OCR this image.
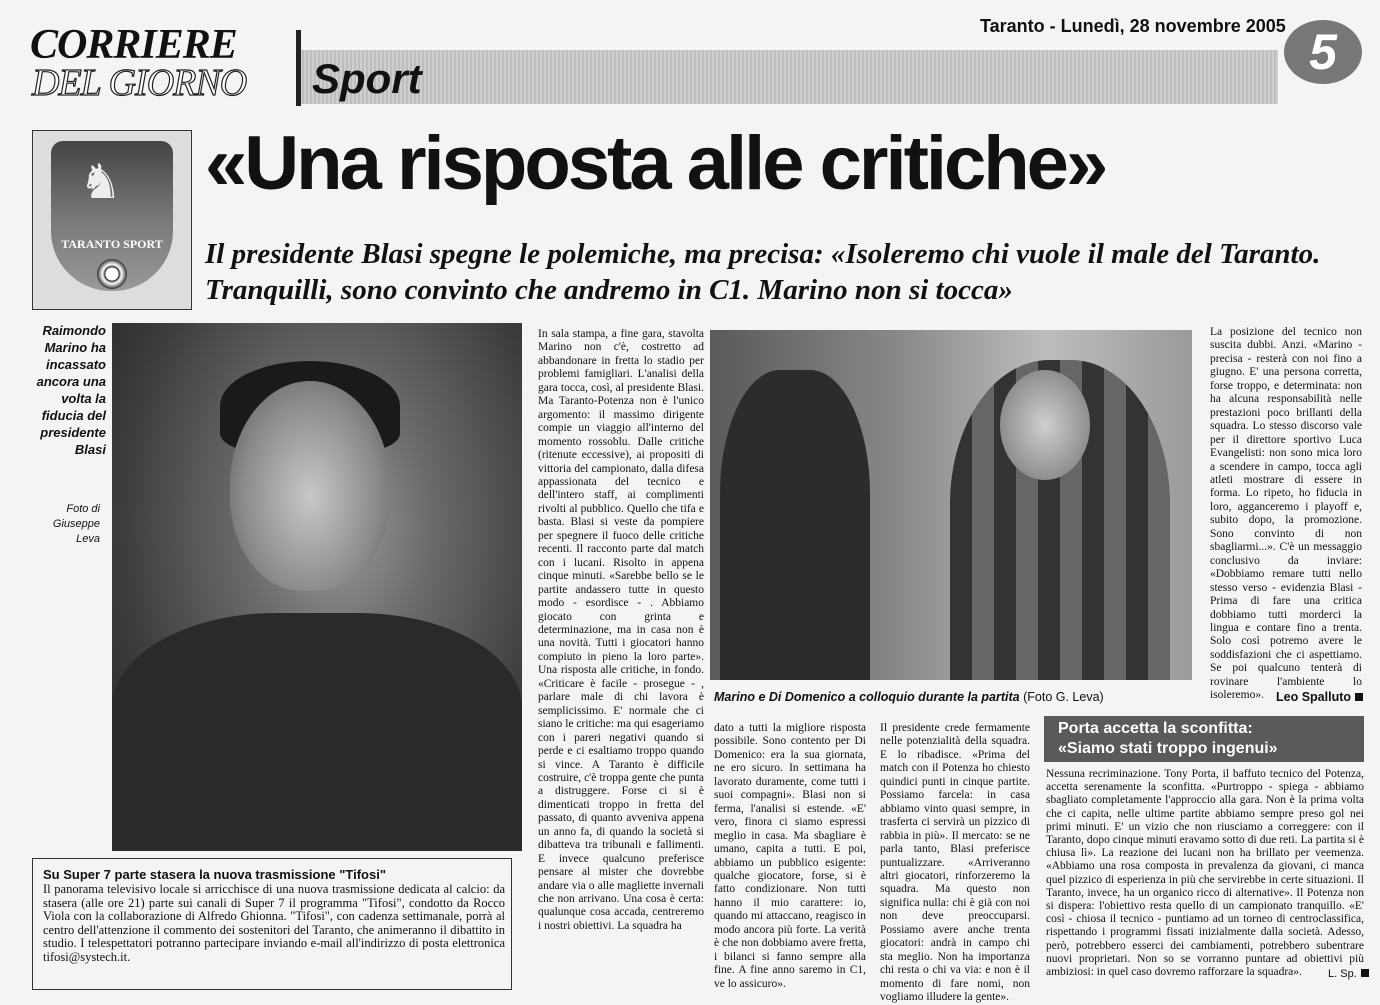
CORRIERE
DEL GIORNO Sport
Taranto - Lunedì, 28 novembre 2005 5
♞
TARANTO SPORT
«Una risposta alle critiche»
Il presidente Blasi spegne le polemiche, ma precisa: «Isoleremo chi vuole il male del Taranto. Tranquilli, sono convinto che andremo in C1. Marino non si tocca»
Raimondo Marino ha incassato ancora una volta la fiducia del presidente Blasi
Foto di Giuseppe Leva
Su Super 7 parte stasera la nuova trasmissione "Tifosi"
Il panorama televisivo locale si arricchisce di una nuova trasmissione dedicata al calcio: da stasera (alle ore 21) parte sui canali di Super 7 il programma "Tifosi", condotto da Rocco Viola con la collaborazione di Alfredo Ghionna. "Tifosi", con cadenza settimanale, porrà al centro dell'attenzione il commento dei sostenitori del Taranto, che animeranno il dibattito in studio. I telespettatori potranno partecipare inviando e-mail all'indirizzo di posta elettronica tifosi@systech.it.
In sala stampa, a fine gara, stavolta Marino non c'è, costretto ad abbandonare in fretta lo stadio per problemi famigliari. L'analisi della gara tocca, così, al presidente Blasi. Ma Taranto-Potenza non è l'unico argomento: il massimo dirigente compie un viaggio all'interno del momento rossoblu. Dalle critiche (ritenute eccessive), ai propositi di vittoria del campionato, dalla difesa appassionata del tecnico e dell'intero staff, ai complimenti rivolti al pubblico. Quello che tifa e basta. Blasi si veste da pompiere per spegnere il fuoco delle critiche recenti. Il racconto parte dal match con i lucani. Risolto in appena cinque minuti. «Sarebbe bello se le partite andassero tutte in questo modo - esordisce - . Abbiamo giocato con grinta e determinazione, ma in casa non è una novità. Tutti i giocatori hanno compiuto in pieno la loro parte». Una risposta alle critiche, in fondo. «Criticare è facile - prosegue - , parlare male di chi lavora è semplicissimo. E' normale che ci siano le critiche: ma qui esageriamo con i pareri negativi quando si perde e ci esaltiamo troppo quando si vince. A Taranto è difficile costruire, c'è troppa gente che punta a distruggere. Forse ci si è dimenticati troppo in fretta del passato, di quanto avveniva appena un anno fa, di quando la società si dibatteva tra tribunali e fallimenti. E invece qualcuno preferisce pensare al mister che dovrebbe andare via o alle magliette invernali che non arrivano. Una cosa è certa: qualunque cosa accada, centreremo i nostri obiettivi. La squadra ha
Marino e Di Domenico a colloquio durante la partita (Foto G. Leva)	Leo Spalluto
dato a tutti la migliore risposta possibile. Sono contento per Di Domenico: era la sua giornata, ne ero sicuro. In settimana ha lavorato duramente, come tutti i suoi compagni». Blasi non si ferma, l'analisi si estende. «E' vero, finora ci siamo espressi meglio in casa. Ma sbagliare è umano, capita a tutti. E poi, abbiamo un pubblico esigente: qualche giocatore, forse, si è fatto condizionare. Non tutti hanno il mio carattere: io, quando mi attaccano, reagisco in modo ancora più forte. La verità è che non dobbiamo avere fretta, i bilanci si fanno sempre alla fine. A fine anno saremo in C1, ve lo assicuro».
Il presidente crede fermamente nelle potenzialità della squadra. E lo ribadisce. «Prima del match con il Potenza ho chiesto quindici punti in cinque partite. Possiamo farcela: in casa abbiamo vinto quasi sempre, in trasferta ci servirà un pizzico di rabbia in più». Il mercato: se ne parla tanto, Blasi preferisce puntualizzare. «Arriveranno altri giocatori, rinforzeremo la squadra. Ma questo non significa nulla: chi è già con noi non deve preoccuparsi. Possiamo avere anche trenta giocatori: andrà in campo chi sta meglio. Non ha importanza chi resta o chi va via: e non è il momento di fare nomi, non vogliamo illudere la gente».
La posizione del tecnico non suscita dubbi. Anzi. «Marino - precisa - resterà con noi fino a giugno. E' una persona corretta, forse troppo, e determinata: non ha alcuna responsabilità nelle prestazioni poco brillanti della squadra. Lo stesso discorso vale per il direttore sportivo Luca Evangelisti: non sono mica loro a scendere in campo, tocca agli atleti mostrare di essere in forma. Lo ripeto, ho fiducia in loro, agganceremo i playoff e, subito dopo, la promozione. Sono convinto di non sbagliarmi...». C'è un messaggio conclusivo da inviare: «Dobbiamo remare tutti nello stesso verso - evidenzia Blasi - Prima di fare una critica dobbiamo tutti morderci la lingua e contare fino a trenta. Solo così potremo avere le soddisfazioni che ci aspettiamo. Se poi qualcuno tenterà di rovinare l'ambiente lo isoleremo».
Porta accetta la sconfitta:
«Siamo stati troppo ingenui»
Nessuna recriminazione. Tony Porta, il baffuto tecnico del Potenza, accetta serenamente la sconfitta. «Purtroppo - spiega - abbiamo sbagliato completamente l'approccio alla gara. Non è la prima volta che ci capita, nelle ultime partite abbiamo sempre preso gol nei primi minuti. E' un vizio che non riusciamo a correggere: con il Taranto, dopo cinque minuti eravamo sotto di due reti. La partita si è chiusa lì». La reazione dei lucani non ha brillato per veemenza. «Abbiamo una rosa composta in prevalenza da giovani, ci manca quel pizzico di esperienza in più che servirebbe in certe situazioni. Il Taranto, invece, ha un organico ricco di alternative». Il Potenza non si dispera: l'obiettivo resta quello di un campionato tranquillo. «E' così - chiosa il tecnico - puntiamo ad un torneo di centroclassifica, rispettando i programmi fissati inizialmente dalla società. Adesso, però, potrebbero esserci dei cambiamenti, potrebbero subentrare nuovi proprietari. Non so se vorranno puntare ad obiettivi più ambiziosi: in quel caso dovremo rafforzare la squadra».	L. Sp.
